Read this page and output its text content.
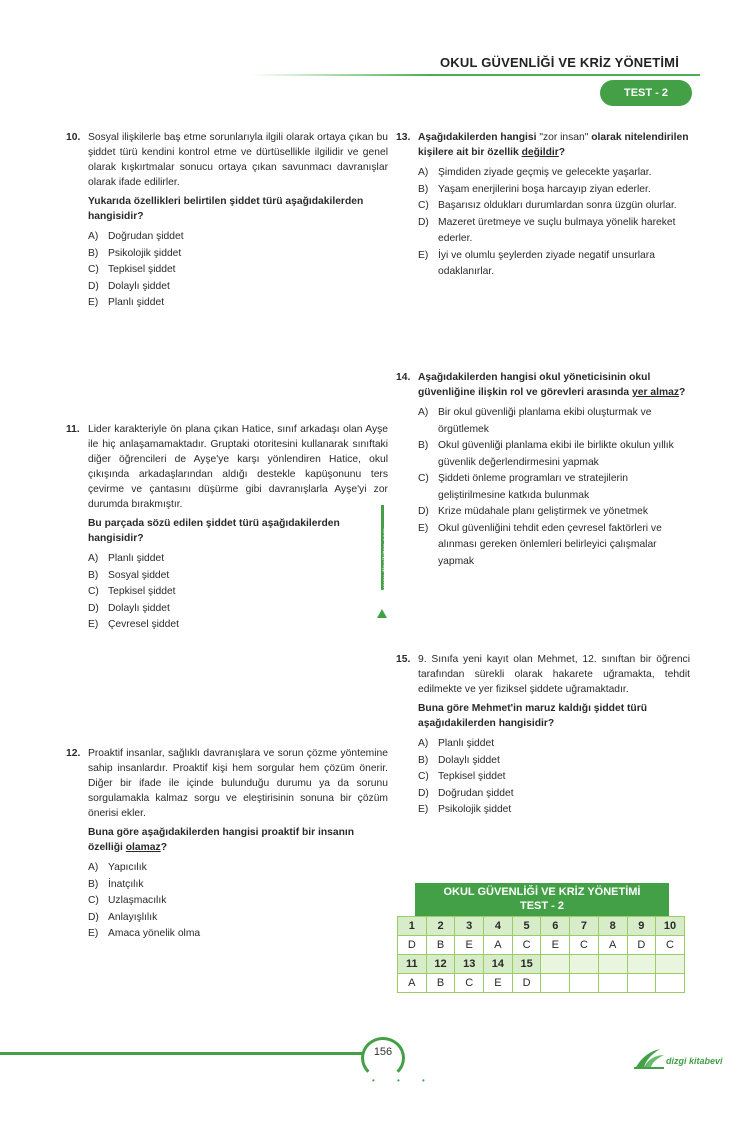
OKUL GÜVENLİĞİ VE KRİZ YÖNETİMİ
TEST - 2
10. Sosyal ilişkilerle baş etme sorunlarıyla ilgili olarak ortaya çıkan bu şiddet türü kendini kontrol etme ve dürtüsellikle ilgilidir ve genel olarak kışkırtmalar sonucu ortaya çıkan savunmacı davranışlar olarak ifade edilirler.
Yukarıda özellikleri belirtilen şiddet türü aşağıdakilerden hangisidir?
A) Doğrudan şiddet
B) Psikolojik şiddet
C) Tepkisel şiddet
D) Dolaylı şiddet
E) Planlı şiddet
11. Lider karakteriyle ön plana çıkan Hatice, sınıf arkadaşı olan Ayşe ile hiç anlaşamamaktadır. Gruptaki otoritesini kullanarak sınıftaki diğer öğrencileri de Ayşe'ye karşı yönlendiren Hatice, okul çıkışında arkadaşlarından aldığı destekle kapüşonunu ters çevirme ve çantasını düşürme gibi davranışlarla Ayşe'yi zor durumda bırakmıştır.
Bu parçada sözü edilen şiddet türü aşağıdakilerden hangisidir?
A) Planlı şiddet
B) Sosyal şiddet
C) Tepkisel şiddet
D) Dolaylı şiddet
E) Çevresel şiddet
12. Proaktif insanlar, sağlıklı davranışlara ve sorun çözme yöntemine sahip insanlardır. Proaktif kişi hem sorgular hem çözüm önerir. Diğer bir ifade ile içinde bulunduğu durumu ya da sorunu sorgulamakla kalmaz sorgu ve eleştirisinin sonuna bir çözüm önerisi ekler.
Buna göre aşağıdakilerden hangisi proaktif bir insanın özelliği olamaz?
A) Yapıcılık
B) İnatçılık
C) Uzlaşmacılık
D) Anlayışlılık
E) Amaca yönelik olma
www.dizgikitap.com
13. Aşağıdakilerden hangisi "zor insan" olarak nitelendirilen kişilere ait bir özellik değildir?
A) Şimdiden ziyade geçmiş ve gelecekte yaşarlar.
B) Yaşam enerjilerini boşa harcayıp ziyan ederler.
C) Başarısız oldukları durumlardan sonra üzgün olurlar.
D) Mazeret üretmeye ve suçlu bulmaya yönelik hareket ederler.
E) İyi ve olumlu şeylerden ziyade negatif unsurlara odaklanırlar.
14. Aşağıdakilerden hangisi okul yöneticisinin okul güvenliğine ilişkin rol ve görevleri arasında yer almaz?
A) Bir okul güvenliği planlama ekibi oluşturmak ve örgütlemek
B) Okul güvenliği planlama ekibi ile birlikte okulun yıllık güvenlik değerlendirmesini yapmak
C) Şiddeti önleme programları ve stratejilerin geliştirilmesine katkıda bulunmak
D) Krize müdahale planı geliştirmek ve yönetmek
E) Okul güvenliğini tehdit eden çevresel faktörleri ve alınması gereken önlemleri belirleyici çalışmalar yapmak
15. 9. Sınıfa yeni kayıt olan Mehmet, 12. sınıftan bir öğrenci tarafından sürekli olarak hakarete uğramakta, tehdit edilmekte ve yer fiziksel şiddete uğramaktadır.
Buna göre Mehmet'in maruz kaldığı şiddet türü aşağıdakilerden hangisidir?
A) Planlı şiddet
B) Dolaylı şiddet
C) Tepkisel şiddet
D) Doğrudan şiddet
E) Psikolojik şiddet
OKUL GÜVENLİĞİ VE KRİZ YÖNETİMİ
TEST - 2
1	2	3	4	5	6	7	8	9	10
D	B	E	A	C	E	C	A	D	C
11	12	13	14	15					
A	B	C	E	D					
156
• • •
dizgi kitabevi
